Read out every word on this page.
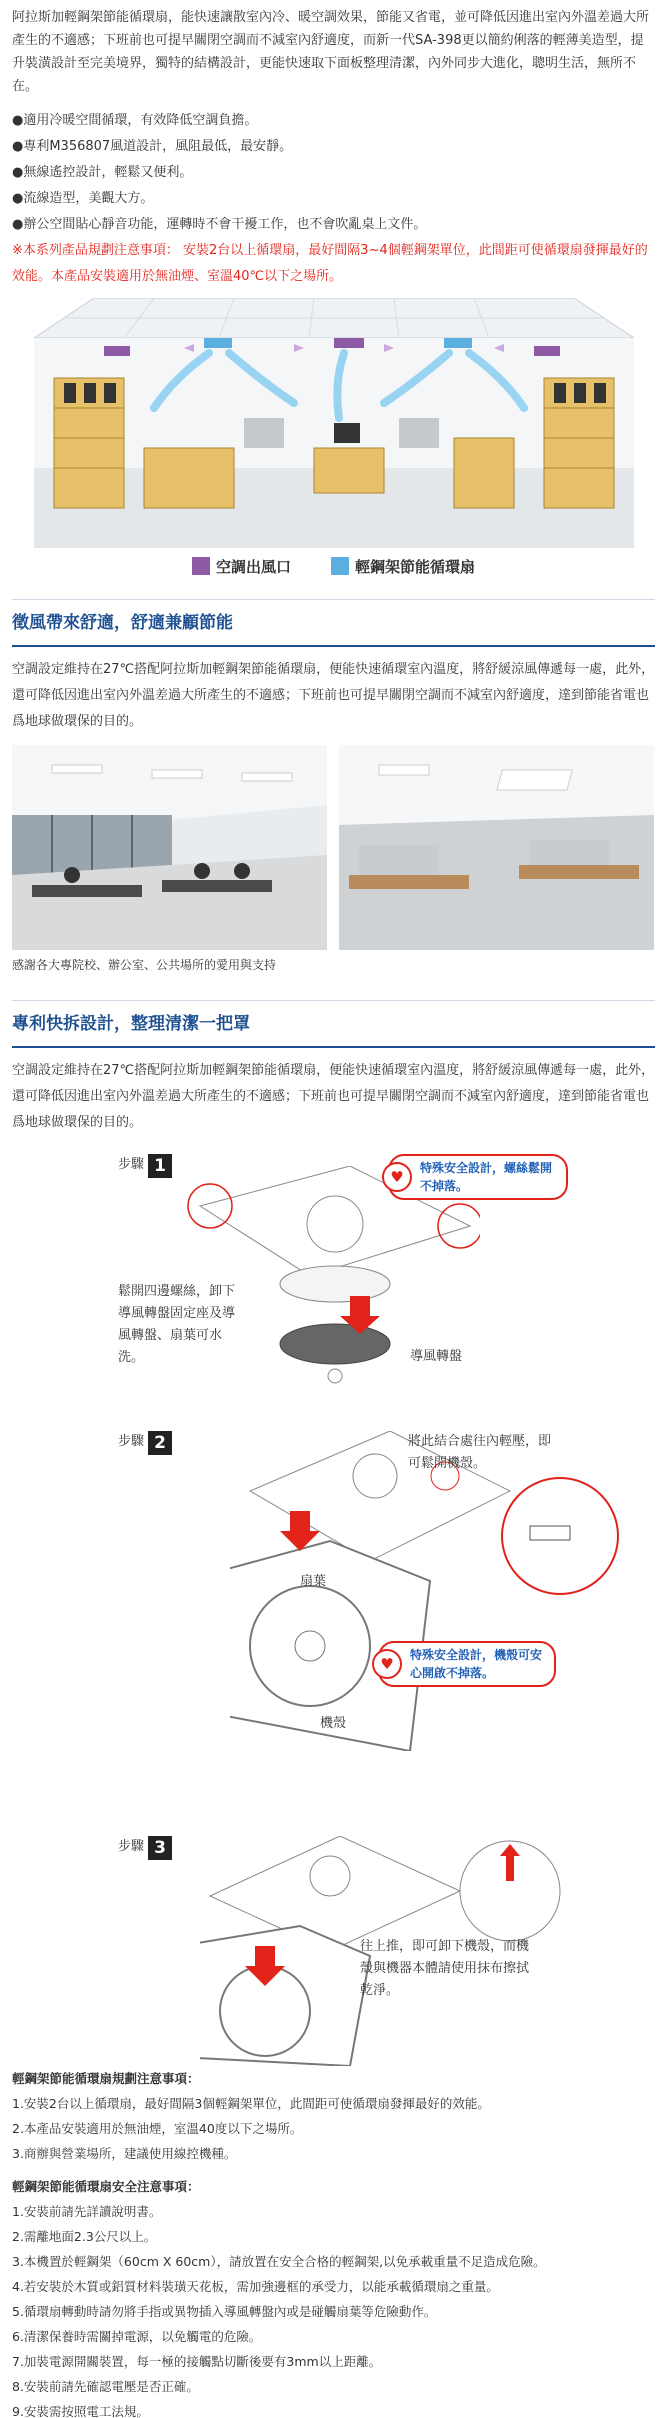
阿拉斯加輕鋼架節能循環扇，能快速讓散室內冷、暖空調效果，節能又省電，並可降低因進出室內外溫差過大所產生的不適感；下班前也可提早關閉空調而不減室內舒適度，而新一代SA-398更以簡約俐落的輕薄美造型，提升裝潢設計至完美境界，獨特的結構設計，更能快速取下面板整理清潔，內外同步大進化，聰明生活，無所不在。

●適用冷暖空間循環，有效降低空調負擔。

●專利M356807風道設計，風阻最低，最安靜。

●無線遙控設計，輕鬆又便利。

●流線造型，美觀大方。

●辦公空間貼心靜音功能，運轉時不會干擾工作，也不會吹亂桌上文件。

※本系列產品規劃注意事項： 安裝2台以上循環扇，最好間隔3~4個輕鋼架單位，此間距可使循環扇發揮最好的效能。本產品安裝適用於無油煙、室溫40℃以下之場所。

空調出風口	輕鋼架節能循環扇
徵風帶來舒適，舒適兼顧節能

空調設定維持在27℃搭配阿拉斯加輕鋼架節能循環扇，便能快速循環室內溫度，將舒緩涼風傳遞每一處，此外，還可降低因進出室內外溫差過大所產生的不適感；下班前也可提早關閉空調而不減室內舒適度，達到節能省電也爲地球做環保的目的。

感謝各大專院校、辦公室、公共場所的愛用與支持

專利快拆設計，整理清潔一把罩

空調設定維持在27℃搭配阿拉斯加輕鋼架節能循環扇，便能快速循環室內溫度，將舒緩涼風傳遞每一處，此外，還可降低因進出室內外溫差過大所產生的不適感；下班前也可提早關閉空調而不減室內舒適度，達到節能省電也爲地球做環保的目的。

步驟 1
♥	特殊安全設計，螺絲鬆開不掉落。

鬆開四邊螺絲，卸下導風轉盤固定座及導風轉盤、扇葉可水洗。	導風轉盤

步驟 2	將此結合處往內輕壓，即可鬆開機殼。

扇葉

♥	特殊安全設計，機殼可安心開啟不掉落。

機殼

步驟 3

往上推，即可卸下機殼，而機殼與機器本體請使用抹布擦拭乾淨。

輕鋼架節能循環扇規劃注意事項：

1.安裝2台以上循環扇，最好間隔3個輕鋼架單位，此間距可使循環扇發揮最好的效能。

2.本產品安裝適用於無油煙，室溫40度以下之場所。

3.商辦與營業場所，建議使用線控機種。

輕鋼架節能循環扇安全注意事項：

1.安裝前請先詳讀說明書。

2.需離地面2.3公尺以上。

3.本機置於輕鋼架（60cm X 60cm），請放置在安全合格的輕鋼架,以免承載重量不足造成危險。

4.若安裝於木質或鋁質材料裝璜天花板，需加強邊框的承受力，以能承載循環扇之重量。

5.循環扇轉動時請勿將手指或異物插入導風轉盤內或是碰觸扇葉等危險動作。

6.清潔保養時需關掉電源，以免觸電的危險。

7.加裝電源開關裝置，每一極的接觸點切斷後要有3mm以上距離。

8.安裝前請先確認電壓是否正確。

9.安裝需按照電工法規。
